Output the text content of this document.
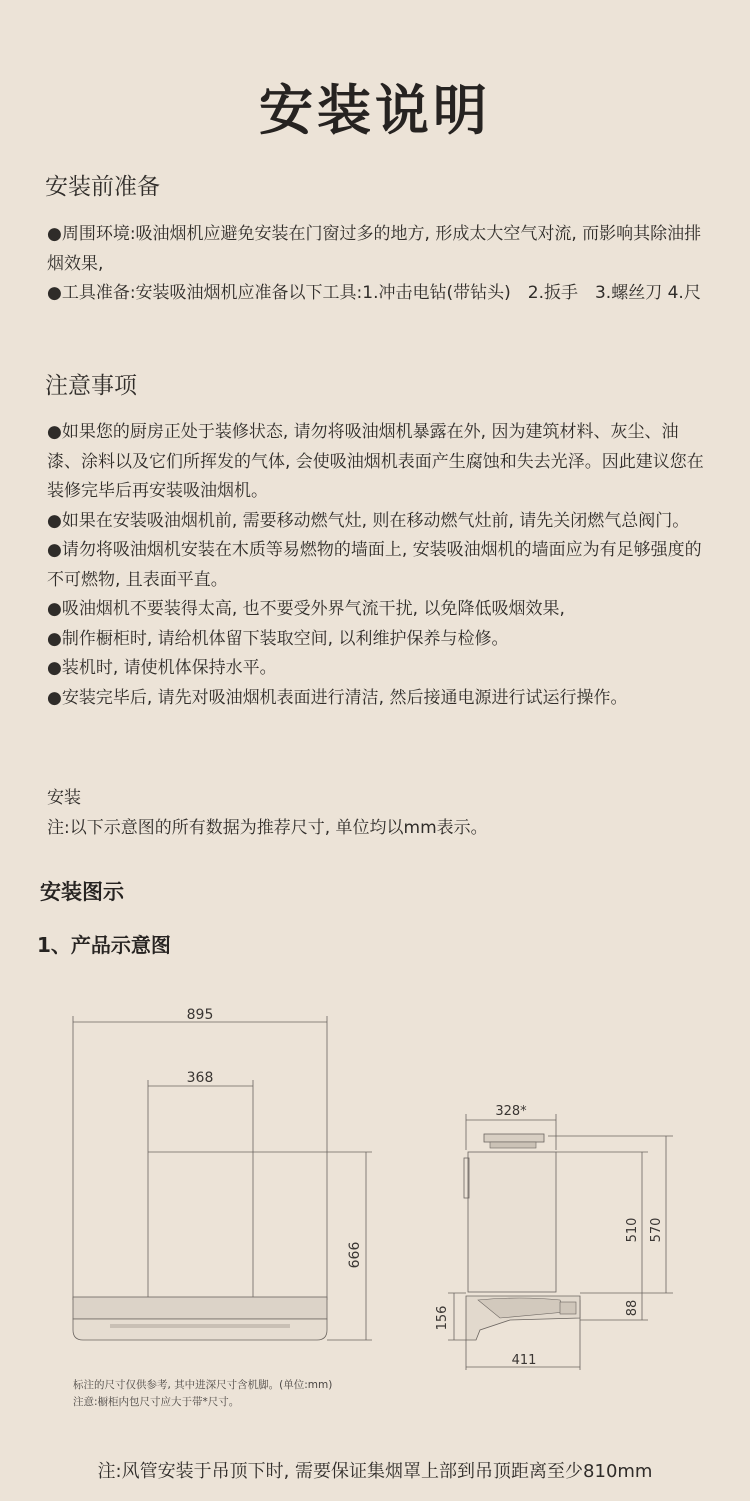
安装说明
安装前准备

●周围环境:吸油烟机应避免安装在门窗过多的地方, 形成太大空气对流, 而影响其除油排烟效果,

●工具准备:安装吸油烟机应准备以下工具:1.冲击电钻(带钻头)　2.扳手　3.螺丝刀 4.尺

注意事项

●如果您的厨房正处于装修状态, 请勿将吸油烟机暴露在外, 因为建筑材料、灰尘、油漆、涂料以及它们所挥发的气体, 会使吸油烟机表面产生腐蚀和失去光泽。因此建议您在装修完毕后再安装吸油烟机。

●如果在安装吸油烟机前, 需要移动燃气灶, 则在移动燃气灶前, 请先关闭燃气总阀门。

●请勿将吸油烟机安装在木质等易燃物的墙面上, 安装吸油烟机的墙面应为有足够强度的不可燃物, 且表面平直。

●吸油烟机不要装得太高, 也不要受外界气流干扰, 以免降低吸烟效果,

●制作橱柜时, 请给机体留下装取空间, 以利维护保养与检修。

●装机时, 请使机体保持水平。

●安装完毕后, 请先对吸油烟机表面进行清洁, 然后接通电源进行试运行操作。

安装

注:以下示意图的所有数据为推荐尺寸, 单位均以mm表示。

安装图示
1、产品示意图
895
368
666
328*
510 570
88
156
411
标注的尺寸仅供参考, 其中进深尺寸含机脚。(单位:mm)
注意:橱柜内包尺寸应大于带*尺寸。
注:风管安装于吊顶下时, 需要保证集烟罩上部到吊顶距离至少810mm
